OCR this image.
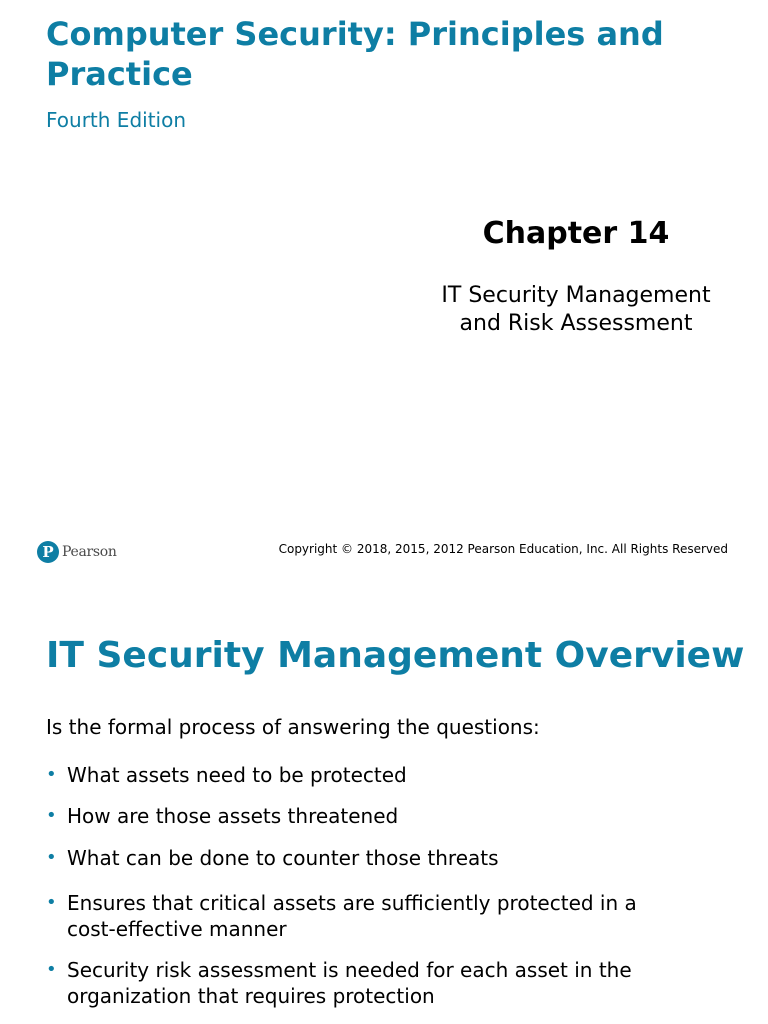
Computer Security: Principles and Practice

Fourth Edition

Chapter 14

IT Security Management
and Risk Assessment

P Pearson	Copyright © 2018, 2015, 2012 Pearson Education, Inc. All Rights Reserved

IT Security Management Overview

Is the formal process of answering the questions:

• What assets need to be protected
• How are those assets threatened
• What can be done to counter those threats
• Ensures that critical assets are sufficiently protected in a cost-effective manner
• Security risk assessment is needed for each asset in the organization that requires protection
